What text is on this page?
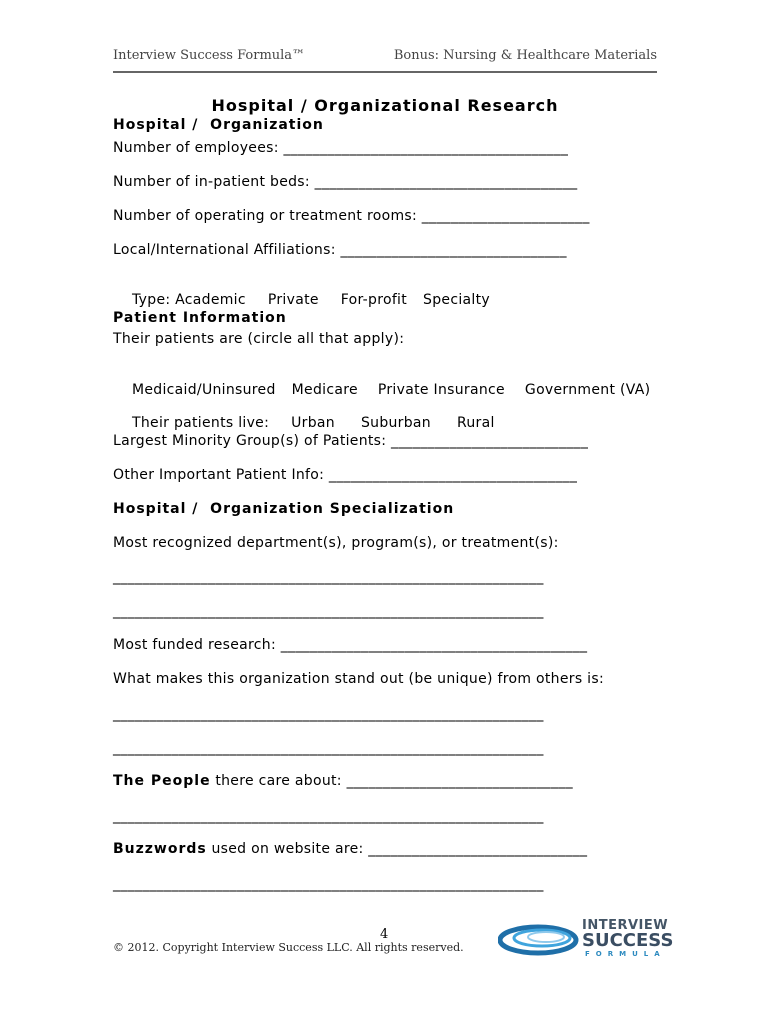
Interview Success Formula™	Bonus: Nursing & Healthcare Materials
Hospital / Organizational Research
Hospital /  Organization
Number of employees: _______________________________________
Number of in-patient beds: ____________________________________
Number of operating or treatment rooms: _______________________
Local/International Affiliations: _______________________________

Type: Academic Private For-profit Specialty

Patient Information
Their patients are (circle all that apply):

Medicaid/Uninsured Medicare Private Insurance Government (VA)

Their patients live: Urban Suburban Rural

Largest Minority Group(s) of Patients: ___________________________
Other Important Patient Info: __________________________________
Hospital /  Organization Specialization
Most recognized department(s), program(s), or treatment(s):
___________________________________________________________
___________________________________________________________
Most funded research: __________________________________________
What makes this organization stand out (be unique) from others is:
___________________________________________________________
___________________________________________________________
The People there care about: _______________________________
___________________________________________________________
Buzzwords used on website are: ______________________________
___________________________________________________________
4
© 2012. Copyright Interview Success LLC. All rights reserved.
INTERVIEW
SUCCESS
FORMULA
